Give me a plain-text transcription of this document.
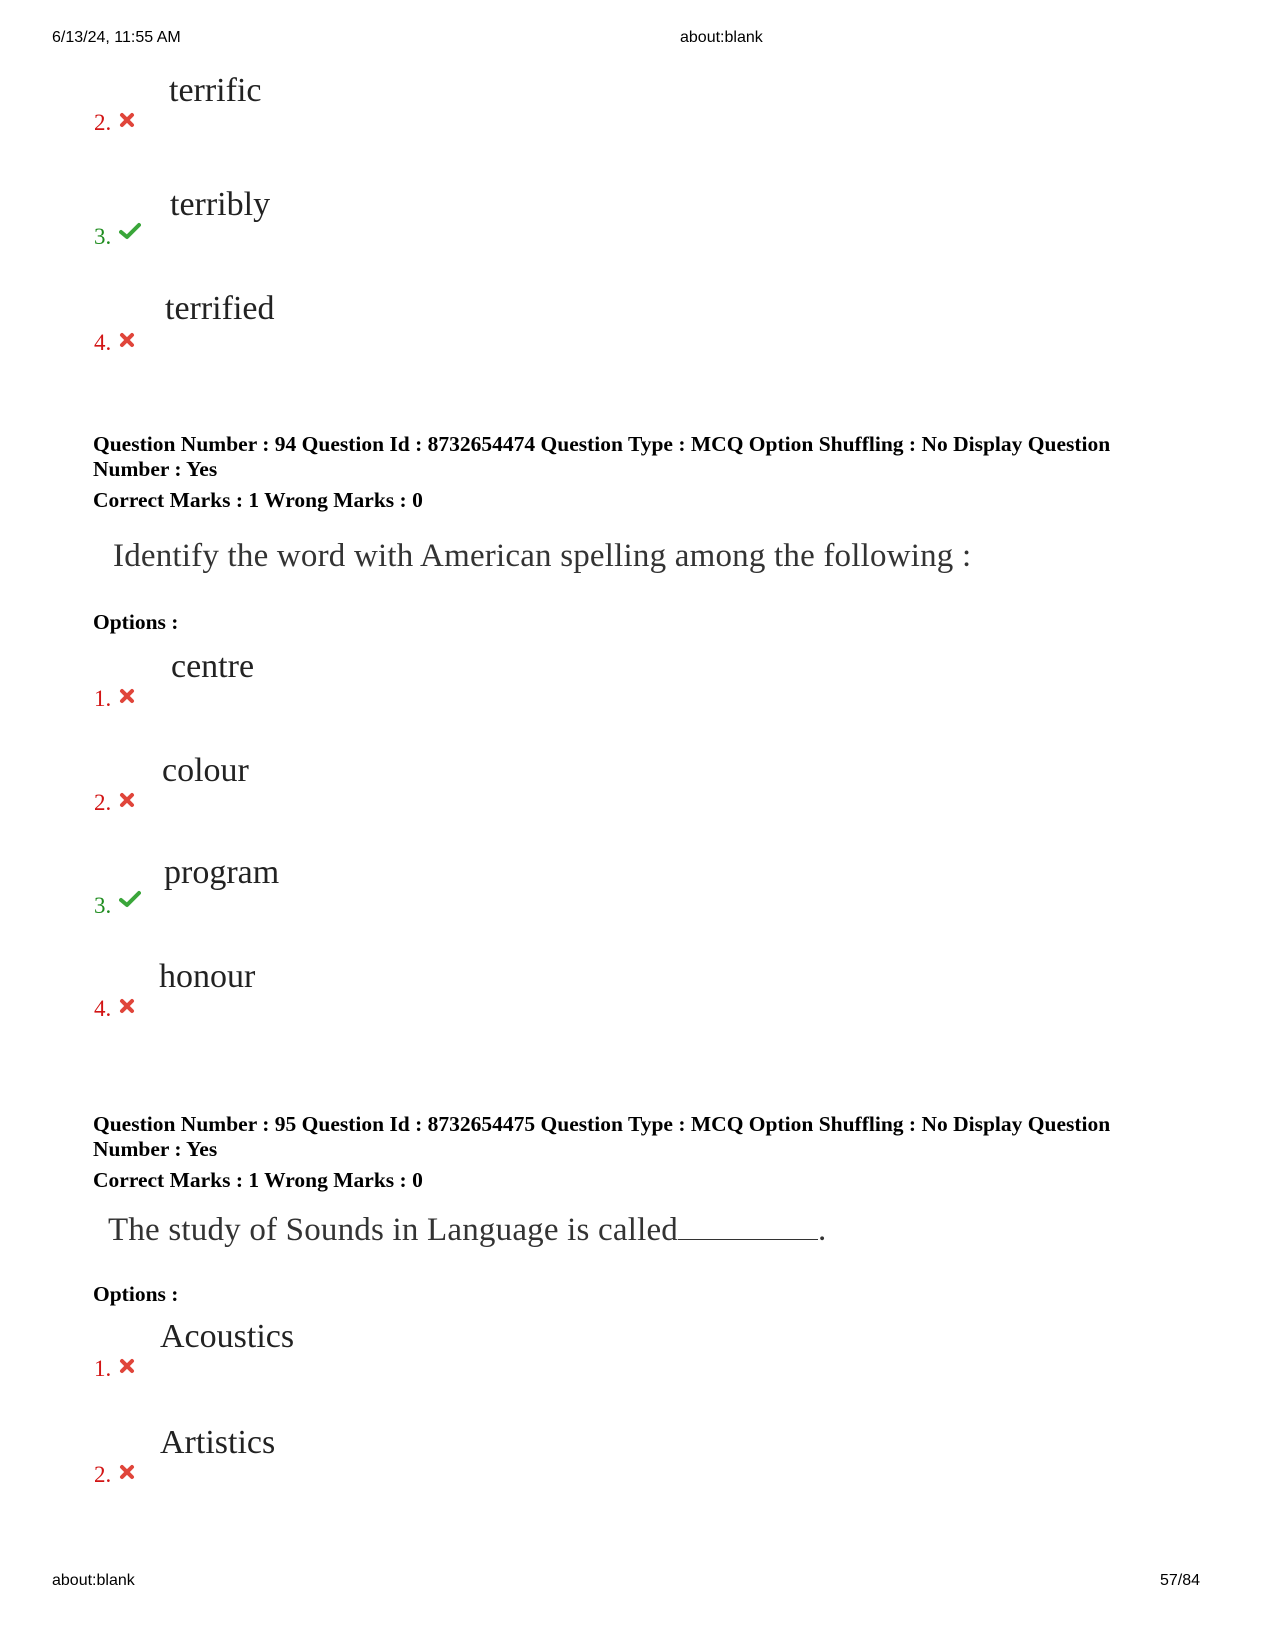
6/13/24, 11:55 AM	about:blank
2.
terrific
3.
terribly
4.
terrified
Question Number : 94 Question Id : 8732654474 Question Type : MCQ Option Shuffling : No Display Question
Number : Yes
Correct Marks : 1 Wrong Marks : 0
Identify the word with American spelling among the following :
Options :
1.
centre
2.
colour
3.
program
4.
honour
Question Number : 95 Question Id : 8732654475 Question Type : MCQ Option Shuffling : No Display Question
Number : Yes
Correct Marks : 1 Wrong Marks : 0
The study of Sounds in Language is called	.
Options :
1.
Acoustics
2.
Artistics
about:blank	57/84
